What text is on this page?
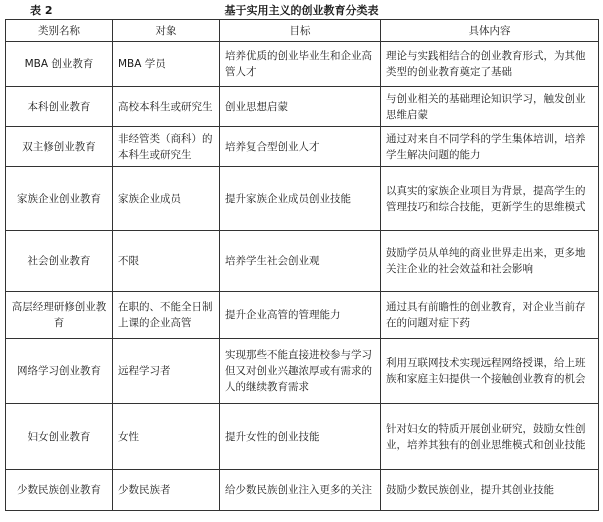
基于实用主义的创业教育分类表
表 2
类别名称	对象	目标	具体内容
MBA 创业教育	MBA 学员	培养优质的创业毕业生和企业高管人才	理论与实践相结合的创业教育形式，为其他类型的创业教育奠定了基础
本科创业教育	高校本科生或研究生	创业思想启蒙	与创业相关的基础理论知识学习，触发创业思维启蒙
双主修创业教育	非经管类（商科）的本科生或研究生	培养复合型创业人才	通过对来自不同学科的学生集体培训，培养学生解决问题的能力
家族企业创业教育	家族企业成员	提升家族企业成员创业技能	以真实的家族企业项目为背景，提高学生的管理技巧和综合技能，更新学生的思维模式
社会创业教育	不限	培养学生社会创业观	鼓励学员从单纯的商业世界走出来，更多地关注企业的社会效益和社会影响
高层经理研修创业教育	在职的、不能全日制上课的企业高管	提升企业高管的管理能力	通过具有前瞻性的创业教育，对企业当前存在的问题对症下药
网络学习创业教育	远程学习者	实现那些不能直接进校参与学习但又对创业兴趣浓厚或有需求的人的继续教育需求	利用互联网技术实现远程网络授课，给上班族和家庭主妇提供一个接触创业教育的机会
妇女创业教育	女性	提升女性的创业技能	针对妇女的特质开展创业研究，鼓励女性创业，培养其独有的创业思维模式和创业技能
少数民族创业教育	少数民族者	给少数民族创业注入更多的关注	鼓励少数民族创业，提升其创业技能
